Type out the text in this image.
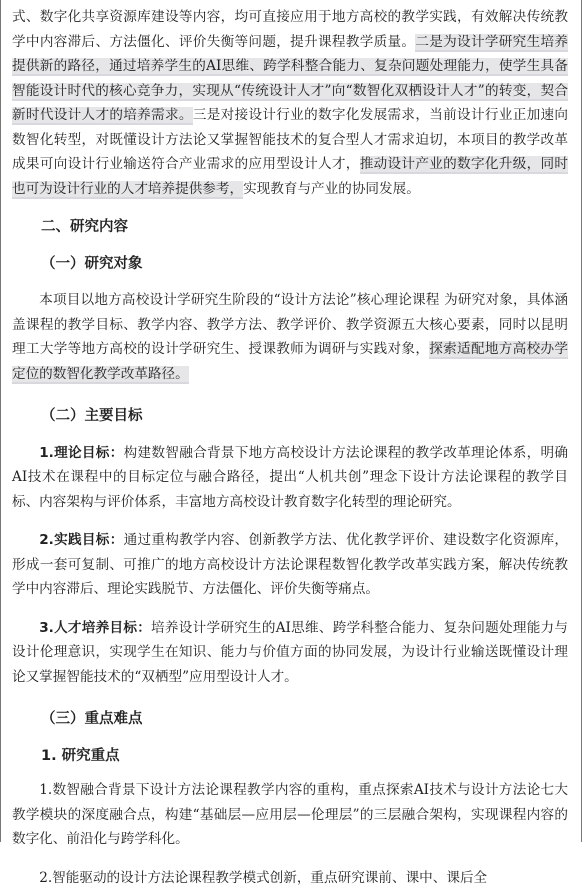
式、数字化共享资源库建设等内容，均可直接应用于地方高校的教学实践，有效解决传统教学中内容滞后、方法僵化、评价失衡等问题，提升课程教学质量。二是为设计学研究生培养提供新的路径，通过培养学生的AI思维、跨学科整合能力、复杂问题处理能力，使学生具备智能设计时代的核心竞争力，实现从“传统设计人才”向“数智化双栖设计人才”的转变，契合新时代设计人才的培养需求。三是对接设计行业的数字化发展需求，当前设计行业正加速向数智化转型，对既懂设计方法论又掌握智能技术的复合型人才需求迫切，本项目的教学改革成果可向设计行业输送符合产业需求的应用型设计人才，推动设计产业的数字化升级，同时也可为设计行业的人才培养提供参考，实现教育与产业的协同发展。

二、研究内容
（一）研究对象

本项目以地方高校设计学研究生阶段的“设计方法论”核心理论课程 为研究对象，具体涵盖课程的教学目标、教学内容、教学方法、教学评价、教学资源五大核心要素，同时以昆明理工大学等地方高校的设计学研究生、授课教师为调研与实践对象，探索适配地方高校办学定位的数智化教学改革路径。

（二）主要目标

1.理论目标：构建数智融合背景下地方高校设计方法论课程的教学改革理论体系，明确AI技术在课程中的目标定位与融合路径，提出“人机共创”理念下设计方法论课程的教学目标、内容架构与评价体系，丰富地方高校设计教育数字化转型的理论研究。

2.实践目标：通过重构教学内容、创新教学方法、优化教学评价、建设数字化资源库，形成一套可复制、可推广的地方高校设计方法论课程数智化教学改革实践方案，解决传统教学中内容滞后、理论实践脱节、方法僵化、评价失衡等痛点。

3.人才培养目标：培养设计学研究生的AI思维、跨学科整合能力、复杂问题处理能力与设计伦理意识，实现学生在知识、能力与价值方面的协同发展，为设计行业输送既懂设计理论又掌握智能技术的“双栖型”应用型设计人才。

（三）重点难点
1. 研究重点

1.数智融合背景下设计方法论课程教学内容的重构，重点探索AI技术与设计方法论七大教学模块的深度融合点，构建“基础层—应用层—伦理层”的三层融合架构，实现课程内容的数字化、前沿化与跨学科化。

2.智能驱动的设计方法论课程教学模式创新，重点研究课前、课中、课后全
